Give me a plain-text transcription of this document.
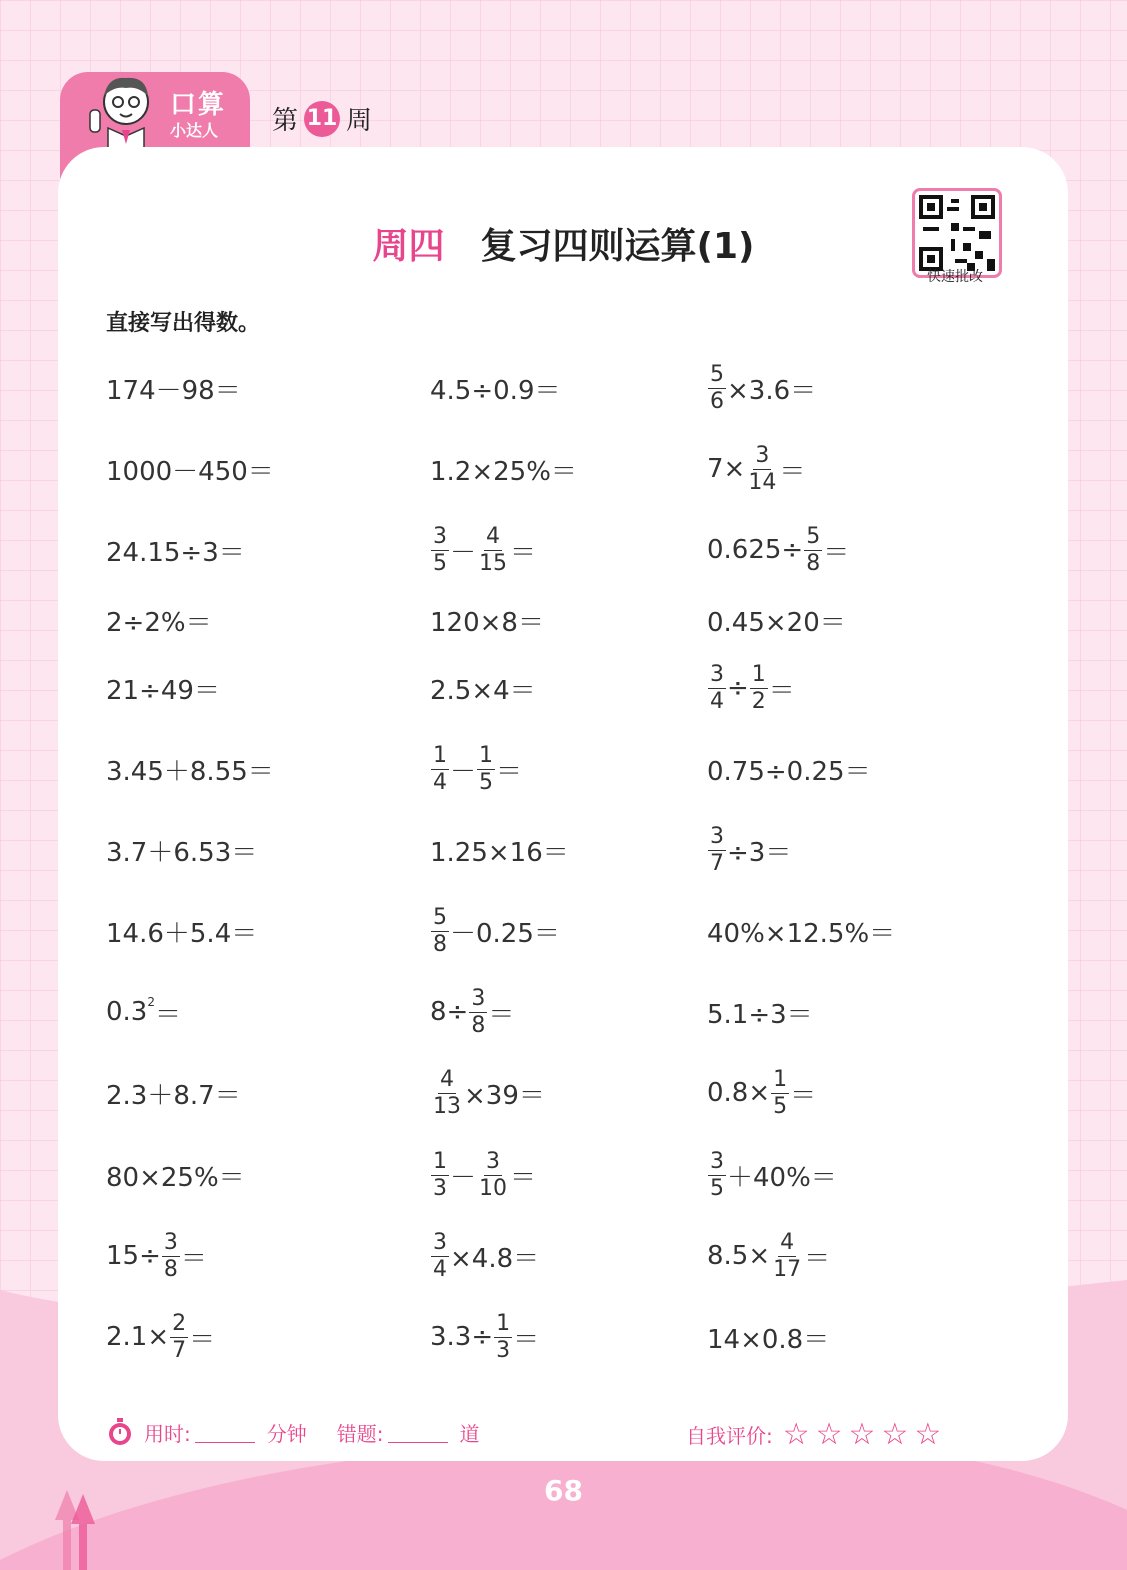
口算
小达人 第 11 周
周四 复习四则运算(1)
快速批改
直接写出得数。
174－98＝	4.5÷0.9＝	$\frac{5}{6} \times 3.6=$
1000－450＝	1.2×25%＝	$7\times \frac{3}{14}$ ＝
24.15÷3＝	$\frac{3}{5} - \frac{4}{15}$ ＝	$0.625\div \frac{5}{8}$ ＝
2÷2%＝	120×8＝	0.45×20＝
21÷49＝	2.5×4＝	$\frac{3}{4} \div \frac{1}{2}$ ＝
3.45＋8.55＝	$\frac{1}{4} - \frac{1}{5}$ ＝	0.75÷0.25＝
3.7＋6.53＝	1.25×16＝	$\frac{3}{7} \div 3=$
14.6＋5.4＝	$\frac{5}{8} -0.25=$	40%×12.5%＝
0.3 2 ＝	$8\div \frac{3}{8}$ ＝	5.1÷3＝
2.3＋8.7＝	$\frac{4}{13} \times 39=$	$0.8\times \frac{1}{5}$ ＝
80×25%＝	$\frac{1}{3} - \frac{3}{10}$ ＝	$\frac{3}{5} +40\%=$
$15\div \frac{3}{8}$ ＝	$\frac{3}{4} \times 4.8=$	$8.5\times \frac{4}{17}$ ＝
$2.1\times \frac{2}{7}$ ＝	$3.3\div \frac{1}{3}$ ＝	14×0.8＝
用时:	分钟 错题:	道	自我评价: ☆☆☆☆☆
68
